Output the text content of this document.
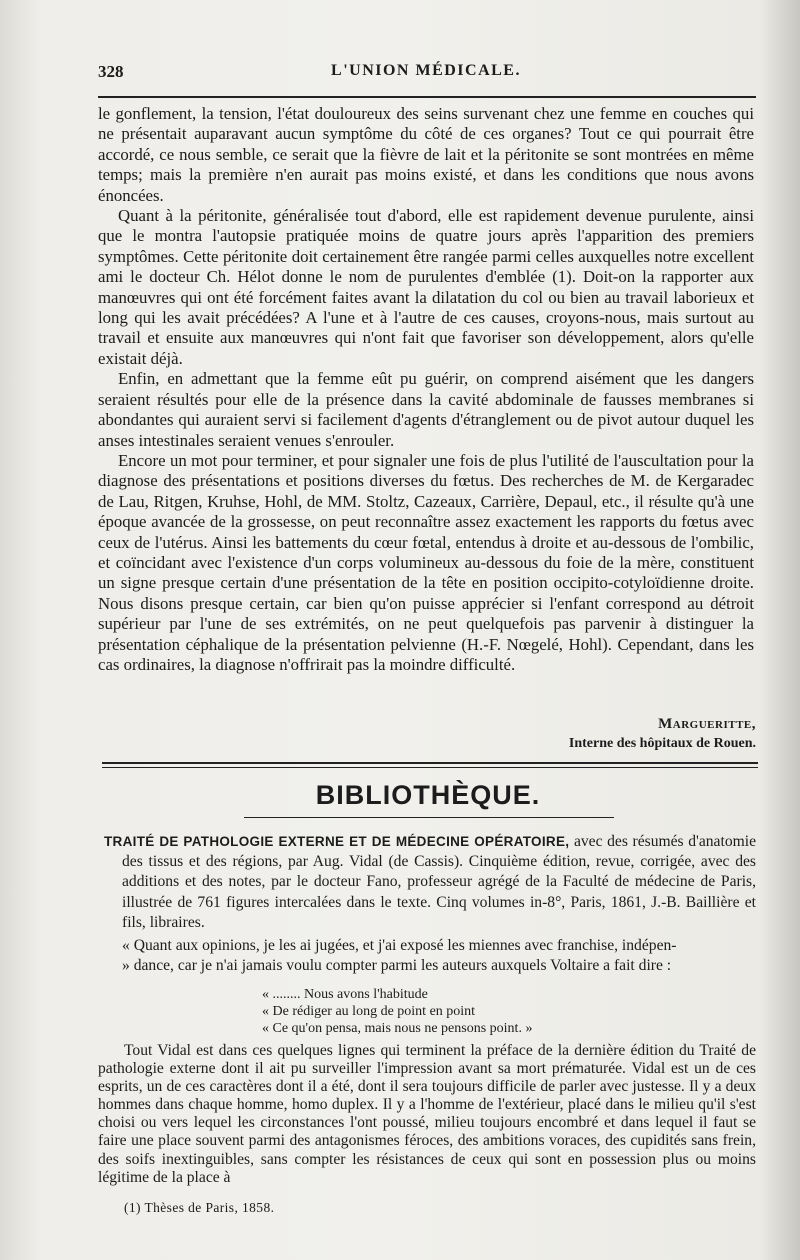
328	L'UNION MÉDICALE.

le gonflement, la tension, l'état douloureux des seins survenant chez une femme en couches qui ne présentait auparavant aucun symptôme du côté de ces organes? Tout ce qui pourrait être accordé, ce nous semble, ce serait que la fièvre de lait et la péritonite se sont montrées en même temps; mais la première n'en aurait pas moins existé, et dans les conditions que nous avons énoncées.

Quant à la péritonite, généralisée tout d'abord, elle est rapidement devenue purulente, ainsi que le montra l'autopsie pratiquée moins de quatre jours après l'apparition des premiers symptômes. Cette péritonite doit certainement être rangée parmi celles auxquelles notre excellent ami le docteur Ch. Hélot donne le nom de purulentes d'emblée (1). Doit-on la rapporter aux manœuvres qui ont été forcément faites avant la dilatation du col ou bien au travail laborieux et long qui les avait précédées? A l'une et à l'autre de ces causes, croyons-nous, mais surtout au travail et ensuite aux manœuvres qui n'ont fait que favoriser son développement, alors qu'elle existait déjà.

Enfin, en admettant que la femme eût pu guérir, on comprend aisément que les dangers seraient résultés pour elle de la présence dans la cavité abdominale de fausses membranes si abondantes qui auraient servi si facilement d'agents d'étranglement ou de pivot autour duquel les anses intestinales seraient venues s'enrouler.

Encore un mot pour terminer, et pour signaler une fois de plus l'utilité de l'auscultation pour la diagnose des présentations et positions diverses du fœtus. Des recherches de M. de Kergaradec de Lau, Ritgen, Kruhse, Hohl, de MM. Stoltz, Cazeaux, Carrière, Depaul, etc., il résulte qu'à une époque avancée de la grossesse, on peut reconnaître assez exactement les rapports du fœtus avec ceux de l'utérus. Ainsi les battements du cœur fœtal, entendus à droite et au-dessous de l'ombilic, et coïncidant avec l'existence d'un corps volumineux au-dessous du foie de la mère, constituent un signe presque certain d'une présentation de la tête en position occipito-cotyloïdienne droite. Nous disons presque certain, car bien qu'on puisse apprécier si l'enfant correspond au détroit supérieur par l'une de ses extrémités, on ne peut quelquefois pas parvenir à distinguer la présentation céphalique de la présentation pelvienne (H.-F. Nœgelé, Hohl). Cependant, dans les cas ordinaires, la diagnose n'offrirait pas la moindre difficulté.

Margueritte,
Interne des hôpitaux de Rouen.
BIBLIOTHÈQUE.
TRAITÉ DE PATHOLOGIE EXTERNE ET DE MÉDECINE OPÉRATOIRE, avec des résumés d'anatomie des tissus et des régions, par Aug. Vidal (de Cassis). Cinquième édition, revue, corrigée, avec des additions et des notes, par le docteur Fano, professeur agrégé de la Faculté de médecine de Paris, illustrée de 761 figures intercalées dans le texte. Cinq volumes in-8°, Paris, 1861, J.-B. Baillière et fils, libraires.

« Quant aux opinions, je les ai jugées, et j'ai exposé les miennes avec franchise, indépen-

» dance, car je n'ai jamais voulu compter parmi les auteurs auxquels Voltaire a fait dire :

« ........ Nous avons l'habitude
« De rédiger au long de point en point
« Ce qu'on pensa, mais nous ne pensons point. »

Tout Vidal est dans ces quelques lignes qui terminent la préface de la dernière édition du Traité de pathologie externe dont il ait pu surveiller l'impression avant sa mort prématurée. Vidal est un de ces esprits, un de ces caractères dont il a été, dont il sera toujours difficile de parler avec justesse. Il y a deux hommes dans chaque homme, homo duplex. Il y a l'homme de l'extérieur, placé dans le milieu qu'il s'est choisi ou vers lequel les circonstances l'ont poussé, milieu toujours encombré et dans lequel il faut se faire une place souvent parmi des antagonismes féroces, des ambitions voraces, des cupidités sans frein, des soifs inextinguibles, sans compter les résistances de ceux qui sont en possession plus ou moins légitime de la place à

(1) Thèses de Paris, 1858.
